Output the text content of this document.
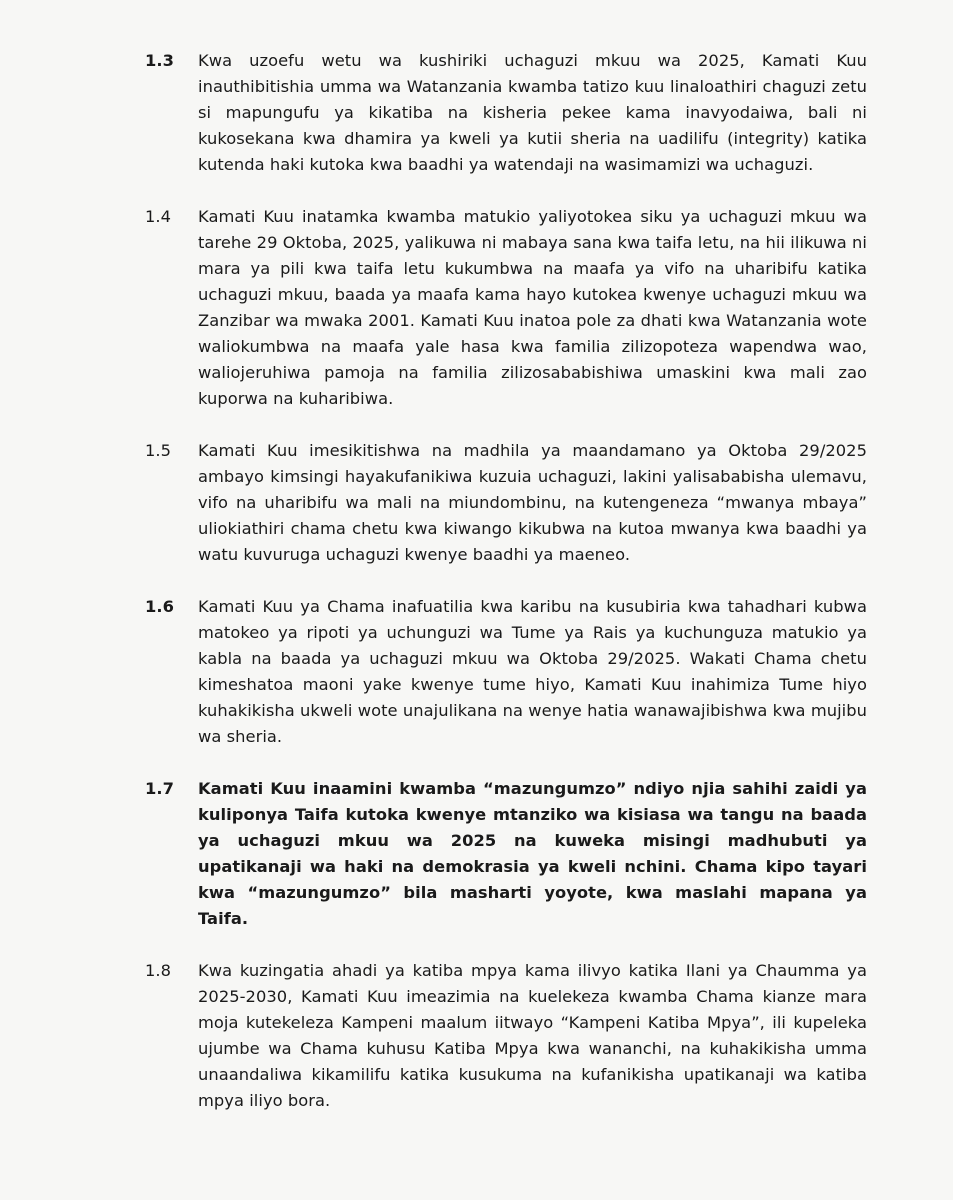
1.3	Kwa uzoefu wetu wa kushiriki uchaguzi mkuu wa 2025, Kamati Kuu inauthibitishia umma wa Watanzania kwamba tatizo kuu linaloathiri chaguzi zetu si mapungufu ya kikatiba na kisheria pekee kama inavyodaiwa, bali ni kukosekana kwa dhamira ya kweli ya kutii sheria na uadilifu (integrity) katika kutenda haki kutoka kwa baadhi ya watendaji na wasimamizi wa uchaguzi.
1.4	Kamati Kuu inatamka kwamba matukio yaliyotokea siku ya uchaguzi mkuu wa tarehe 29 Oktoba, 2025, yalikuwa ni mabaya sana kwa taifa letu, na hii ilikuwa ni mara ya pili kwa taifa letu kukumbwa na maafa ya vifo na uharibifu katika uchaguzi mkuu, baada ya maafa kama hayo kutokea kwenye uchaguzi mkuu wa Zanzibar wa mwaka 2001. Kamati Kuu inatoa pole za dhati kwa Watanzania wote waliokumbwa na maafa yale hasa kwa familia zilizopoteza wapendwa wao, waliojeruhiwa pamoja na familia zilizosababishiwa umaskini kwa mali zao kuporwa na kuharibiwa.
1.5	Kamati Kuu imesikitishwa na madhila ya maandamano ya Oktoba 29/2025 ambayo kimsingi hayakufanikiwa kuzuia uchaguzi, lakini yalisababisha ulemavu, vifo na uharibifu wa mali na miundombinu, na kutengeneza “mwanya mbaya” uliokiathiri chama chetu kwa kiwango kikubwa na kutoa mwanya kwa baadhi ya watu kuvuruga uchaguzi kwenye baadhi ya maeneo.
1.6	Kamati Kuu ya Chama inafuatilia kwa karibu na kusubiria kwa tahadhari kubwa matokeo ya ripoti ya uchunguzi wa Tume ya Rais ya kuchunguza matukio ya kabla na baada ya uchaguzi mkuu wa Oktoba 29/2025. Wakati Chama chetu kimeshatoa maoni yake kwenye tume hiyo, Kamati Kuu inahimiza Tume hiyo kuhakikisha ukweli wote unajulikana na wenye hatia wanawajibishwa kwa mujibu wa sheria.
1.7	Kamati Kuu inaamini kwamba “mazungumzo” ndiyo njia sahihi zaidi ya kuliponya Taifa kutoka kwenye mtanziko wa kisiasa wa tangu na baada ya uchaguzi mkuu wa 2025 na kuweka misingi madhubuti ya upatikanaji wa haki na demokrasia ya kweli nchini. Chama kipo tayari kwa “mazungumzo” bila masharti yoyote, kwa maslahi mapana ya Taifa.
1.8	Kwa kuzingatia ahadi ya katiba mpya kama ilivyo katika Ilani ya Chaumma ya 2025-2030, Kamati Kuu imeazimia na kuelekeza kwamba Chama kianze mara moja kutekeleza Kampeni maalum iitwayo “Kampeni Katiba Mpya”, ili kupeleka ujumbe wa Chama kuhusu Katiba Mpya kwa wananchi, na kuhakikisha umma unaandaliwa kikamilifu katika kusukuma na kufanikisha upatikanaji wa katiba mpya iliyo bora.
